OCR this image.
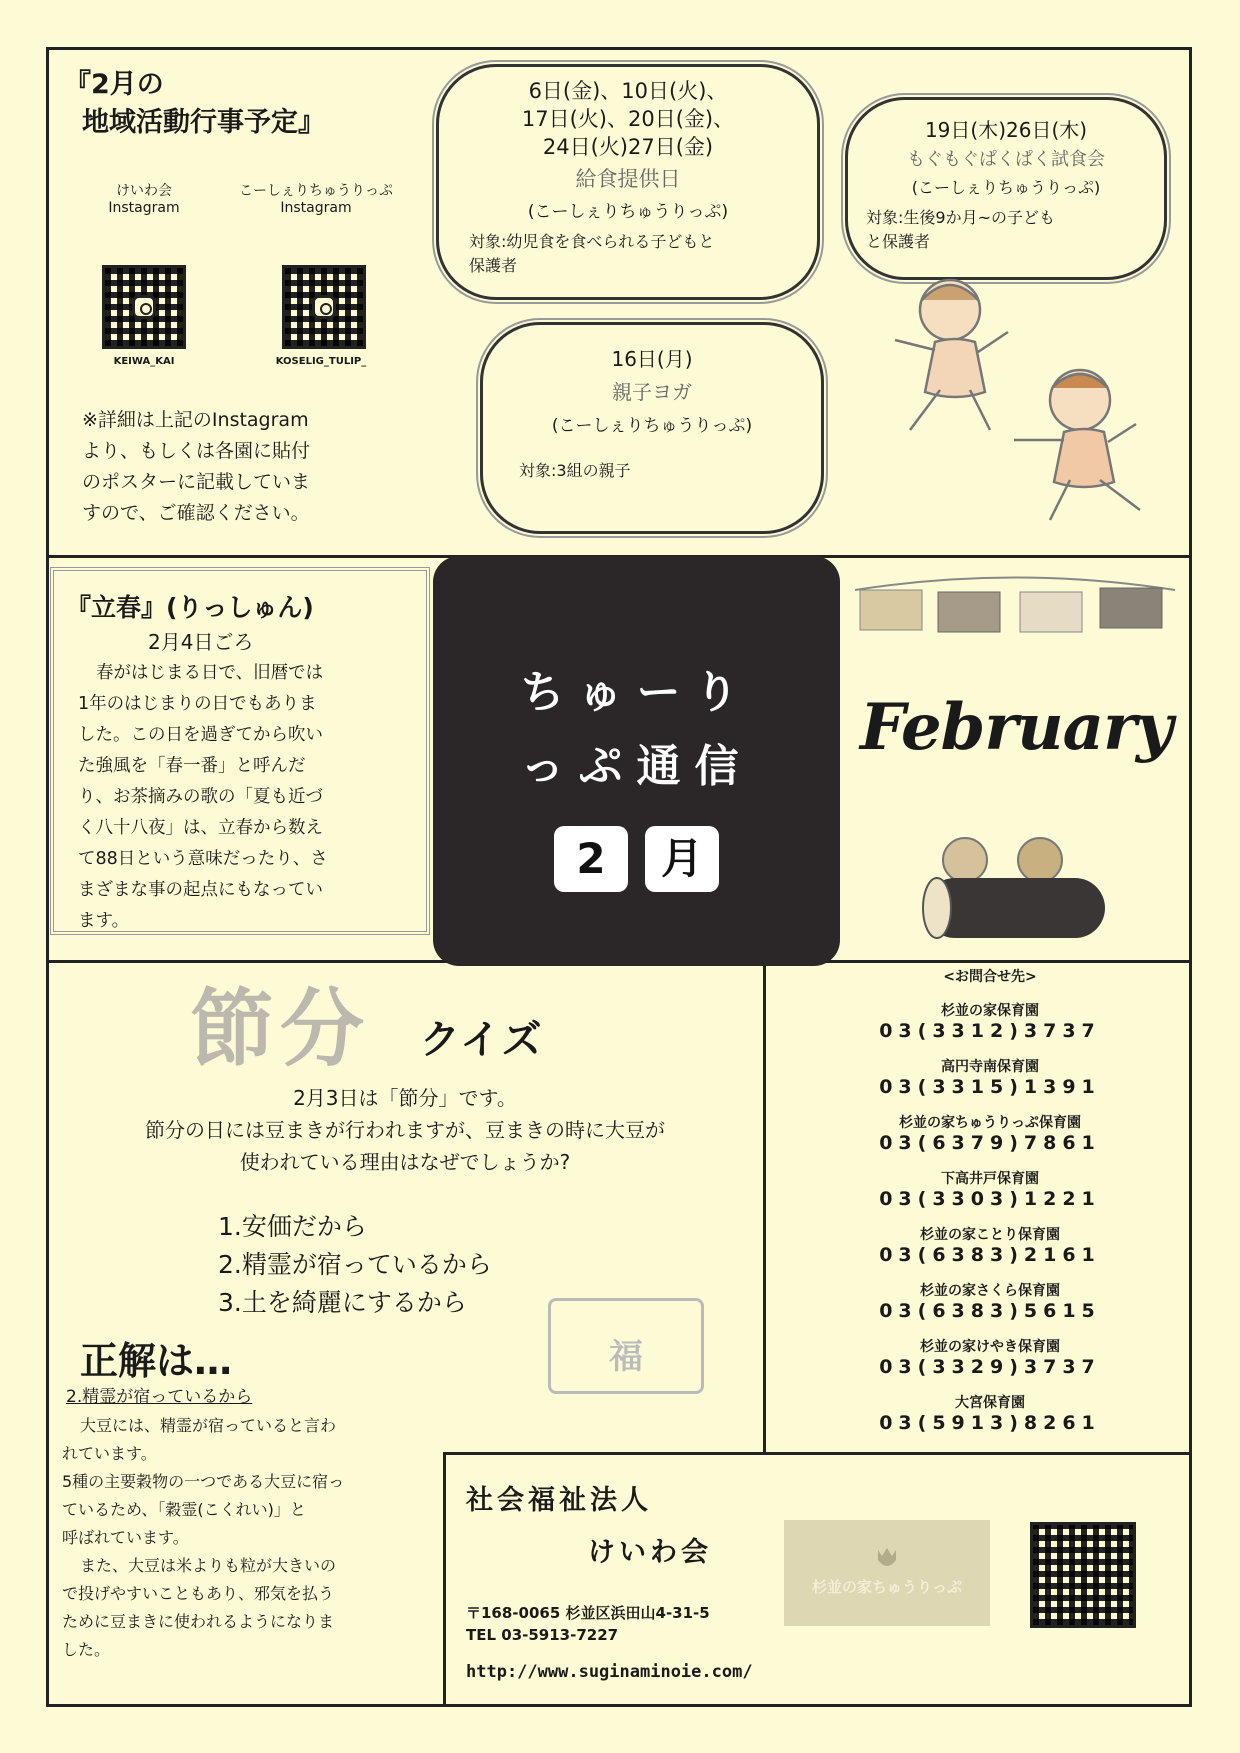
『2月の
地域活動行事予定』
けいわ会
Instagram
KEIWA_KAI
こーしぇりちゅうりっぷ
Instagram
KOSELIG_TULIP_
※詳細は上記のInstagram
より、もしくは各園に貼付
のポスターに記載していま
すので、ご確認ください。
6日(金)、10日(火)、
17日(火)、20日(金)、
24日(火)27日(金)
給食提供日
(こーしぇりちゅうりっぷ)
対象:幼児食を食べられる子どもと
保護者
19日(木)26日(木)
もぐもぐぱくぱく試食会
(こーしぇりちゅうりっぷ)
対象:生後9か月~の子ども
と保護者
16日(月)
親子ヨガ
(こーしぇりちゅうりっぷ)
対象:3組の親子
『立春』(りっしゅん)
2月4日ごろ
春がはじまる日で、旧暦では
1年のはじまりの日でもありま
した。この日を過ぎてから吹い
た強風を「春一番」と呼んだ
り、お茶摘みの歌の「夏も近づ
く八十八夜」は、立春から数え
て88日という意味だったり、さ
まざまな事の起点にもなってい
ます。
ちゅーり
っぷ通信
2 月
February
節分 クイズ
2月3日は「節分」です。
節分の日には豆まきが行われますが、豆まきの時に大豆が
使われている理由はなぜでしょうか?
1.安価だから
2.精霊が宿っているから
3.土を綺麗にするから
福
正解は…
2.精霊が宿っているから
大豆には、精霊が宿っていると言わ
れています。
5種の主要穀物の一つである大豆に宿っ
ているため、「穀霊(こくれい)」と
呼ばれています。
また、大豆は米よりも粒が大きいの
で投げやすいこともあり、邪気を払う
ために豆まきに使われるようになりま
した。
<お問合せ先>
杉並の家保育園
03(3312)3737
高円寺南保育園
03(3315)1391
杉並の家ちゅうりっぷ保育園
03(6379)7861
下高井戸保育園
03(3303)1221
杉並の家ことり保育園
03(6383)2161
杉並の家さくら保育園
03(6383)5615
杉並の家けやき保育園
03(3329)3737
大宮保育園
03(5913)8261
社会福祉法人
けいわ会
杉並の家ちゅうりっぷ
〒168-0065 杉並区浜田山4-31-5
TEL 03-5913-7227
http://www.suginaminoie.com/
